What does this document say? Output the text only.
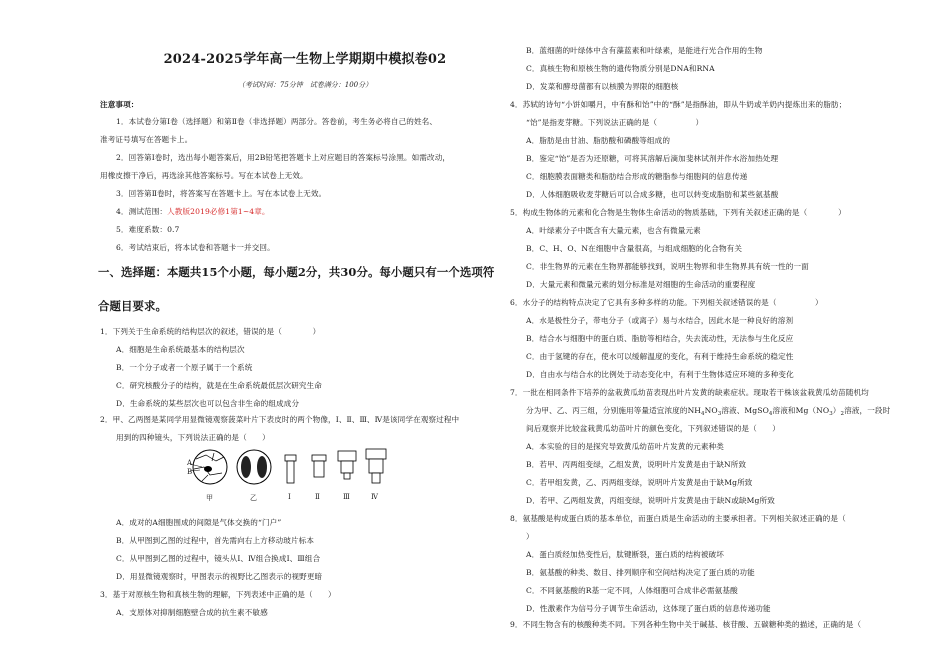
2024-2025学年高一生物上学期期中模拟卷02
（考试时间：75分钟　试卷满分：100分）
注意事项：
1．本试卷分第Ⅰ卷（选择题）和第Ⅱ卷（非选择题）两部分。答卷前，考生务必将自己的姓名、
准考证号填写在答题卡上。
2．回答第Ⅰ卷时，选出每小题答案后，用2B铅笔把答题卡上对应题目的答案标号涂黑。如需改动，
用橡皮擦干净后，再选涂其他答案标号。写在本试卷上无效。
3．回答第Ⅱ卷时，将答案写在答题卡上。写在本试卷上无效。
4．测试范围：人教版2019必修1第1~4章。
5．难度系数：0.7
6．考试结束后，将本试卷和答题卡一并交回。
一、选择题：本题共15个小题，每小题2分，共30分。每小题只有一个选项符
合题目要求。
1．下列关于生命系统的结构层次的叙述，错误的是（　　　　）
A．细胞是生命系统最基本的结构层次
B．一个分子或者一个原子属于一个系统
C．研究核酸分子的结构，就是在生命系统最低层次研究生命
D．生命系统的某些层次也可以包含非生命的组成成分
2．甲、乙两图是某同学用显微镜观察菠菜叶片下表皮时的两个物像，Ⅰ、Ⅱ、Ⅲ、Ⅳ是该同学在观察过程中
用到的四种镜头，下列说法正确的是（　　）
A
B
甲	乙	Ⅰ	Ⅱ	Ⅲ	Ⅳ
A．成对的A细胞围成的间隙是气体交换的“门户”
B．从甲图到乙图的过程中，首先需向右上方移动玻片标本
C．从甲图到乙图的过程中，镜头从Ⅰ、Ⅳ组合换成Ⅰ、Ⅲ组合
D．用显微镜观察时，甲图表示的视野比乙图表示的视野更暗
3．基于对原核生物和真核生物的理解，下列表述中正确的是（　　）
A．支原体对抑制细胞壁合成的抗生素不敏感
B．蓝细菌的叶绿体中含有藻蓝素和叶绿素，是能进行光合作用的生物
C．真核生物和原核生物的遗传物质分别是DNA和RNA
D．发菜和酵母菌都有以核膜为界限的细胞核
4．苏轼的诗句“小饼如嚼月，中有酥和饴”中的“酥”是指酥油，即从牛奶或羊奶内提炼出来的脂肪；
“饴”是指麦芽糖。下列说法正确的是（　　　　　）
A．脂肪是由甘油、脂肪酸和磷酸等组成的
B．鉴定“饴”是否为还原糖，可将其溶解后滴加斐林试剂并作水浴加热处理
C．细胞膜表面糖类和脂肪结合形成的糖脂参与细胞间的信息传递
D．人体细胞吸收麦芽糖后可以合成多糖，也可以转变成脂肪和某些氨基酸
5．构成生物体的元素和化合物是生物体生命活动的物质基础，下列有关叙述正确的是（　　　　）
A．叶绿素分子中既含有大量元素，也含有微量元素
B．C、H、O、N在细胞中含量很高，与组成细胞的化合物有关
C．非生物界的元素在生物界都能够找到，说明生物界和非生物界具有统一性的一面
D．大量元素和微量元素的划分标准是对细胞的生命活动的重要程度
6．水分子的结构特点决定了它具有多种多样的功能。下列相关叙述错误的是（　　　　　）
A．水是极性分子，带电分子（或离子）易与水结合，因此水是一种良好的溶剂
B．结合水与细胞中的蛋白质、脂肪等相结合，失去流动性，无法参与生化反应
C．由于氢键的存在，使水可以缓解温度的变化，有利于维持生命系统的稳定性
D．自由水与结合水的比例处于动态变化中，有利于生物体适应环境的多种变化
7．一批在相同条件下培养的盆栽黄瓜幼苗表现出叶片发黄的缺素症状。现取若干株该盆栽黄瓜幼苗随机均
分为甲、乙、丙三组，分别施用等量适宜浓度的$NH_4NO_3$溶液、MgSO$_4$溶液和$Mg(NO_3)_2$溶液，一段时
间后观察并比较盆栽黄瓜幼苗叶片的颜色变化，下列叙述错误的是（　　）
A．本实验的目的是探究导致黄瓜幼苗叶片发黄的元素种类
B．若甲、丙两组变绿，乙组发黄，说明叶片发黄是由于缺N所致
C．若甲组发黄，乙、丙两组变绿，说明叶片发黄是由于缺Mg所致
D．若甲、乙两组发黄，丙组变绿，说明叶片发黄是由于缺N或缺Mg所致
8．氨基酸是构成蛋白质的基本单位，而蛋白质是生命活动的主要承担者。下列相关叙述正确的是（
）
A．蛋白质经加热变性后，肽键断裂，蛋白质的结构被破坏
B．氨基酸的种类、数目、排列顺序和空间结构决定了蛋白质的功能
C．不同氨基酸的R基一定不同，人体细胞可合成非必需氨基酸
D．性激素作为信号分子调节生命活动，这体现了蛋白质的信息传递功能
9．不同生物含有的核酸种类不同。下列各种生物中关于碱基、核苷酸、五碳糖种类的描述，正确的是（
